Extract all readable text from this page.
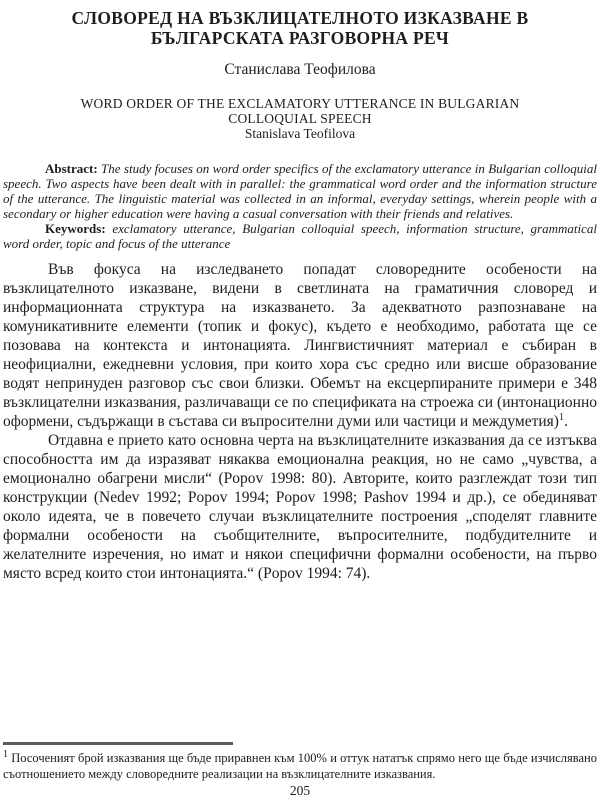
СЛОВОРЕД НА ВЪЗКЛИЦАТЕЛНОТО ИЗКАЗВАНЕ В
БЪЛГАРСКАТА РАЗГОВОРНА РЕЧ
Станислава Теофилова
WORD ORDER OF THE EXCLAMATORY UTTERANCE IN BULGARIAN
COLLOQUIAL SPEECH
Stanislava Teofilova

Abstract: The study focuses on word order specifics of the exclamatory utterance in Bulgarian colloquial speech. Two aspects have been dealt with in parallel: the grammatical word order and the information structure of the utterance. The linguistic material was collected in an informal, everyday settings, wherein people with a secondary or higher education were having a casual conversation with their friends and relatives.

Keywords: exclamatory utterance, Bulgarian colloquial speech, information structure, grammatical word order, topic and focus of the utterance

Във фокуса на изследването попадат словоредните особености на възклицателното изказване, видени в светлината на граматичния словоред и информационната структура на изказването. За адекватното разпознаване на комуникативните елементи (топик и фокус), където е необходимо, работата ще се позовава на контекста и интонацията. Лингвистичният материал е събиран в неофициални, ежедневни условия, при които хора със средно или висше образование водят непринуден разговор със свои близки. Обемът на ексцерпираните примери е 348 възклицателни изказвания, различаващи се по спецификата на строежа си (интонационно оформени, съдържащи в състава си въпросителни думи или частици и междуметия)$^1$.

Отдавна е прието като основна черта на възклицателните изказвания да се изтъква способността им да изразяват някаква емоционална реакция, но не само „чувства, а емоционално обагрени мисли“ (Popov 1998: 80). Авторите, които разглеждат този тип конструкции (Nedev 1992; Popov 1994; Popov 1998; Pashov 1994 и др.), се обединяват около идеята, че в повечето случаи възклицателните построения „споделят главните формални особености на съобщителните, въпросителните, подбудителните и желателните изречения, но имат и някои специфични формални особености, на първо място всред които стои интонацията.“ (Popov 1994: 74).

$^1$ Посоченият брой изказвания ще бъде приравнен към 100% и оттук нататък спрямо него ще бъде изчислявано съотношението между словоредните реализации на възклицателните изказвания.

205
